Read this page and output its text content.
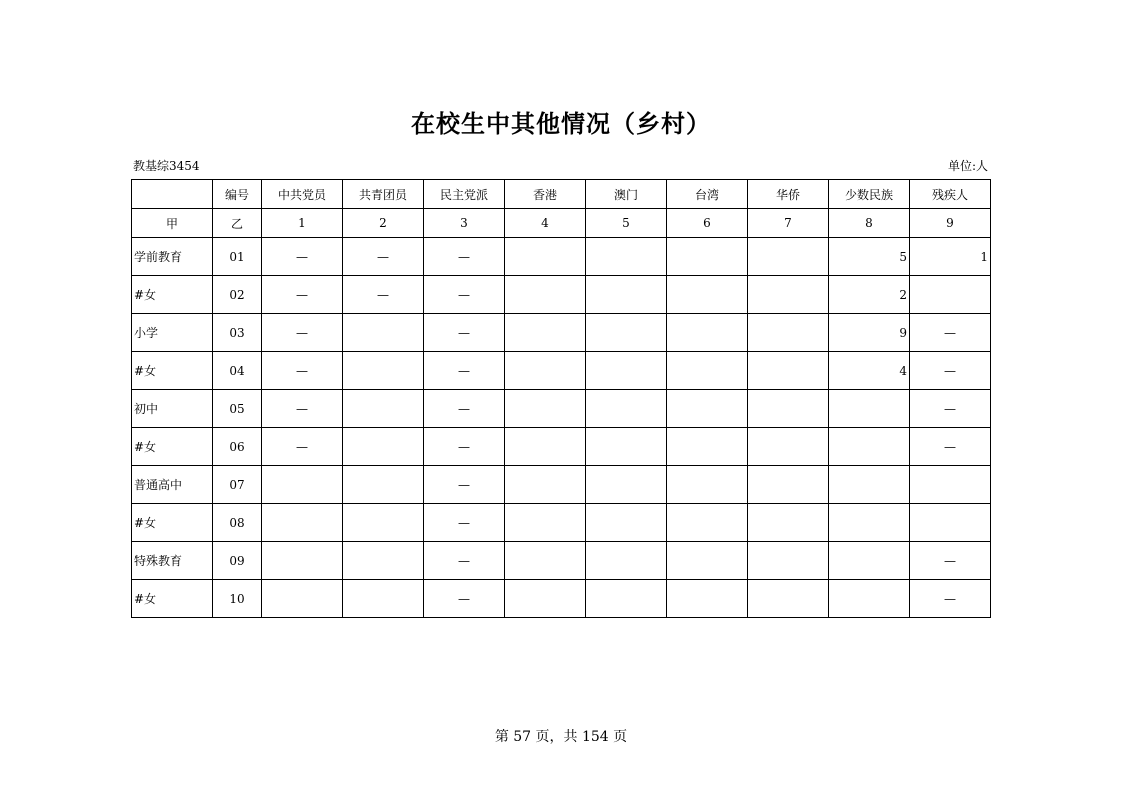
在校生中其他情况（乡村）
教基综3454	单位:人
	编号	中共党员	共青团员	民主党派	香港	澳门	台湾	华侨	少数民族	残疾人
甲	乙	1	2	3	4	5	6	7	8	9
学前教育	01	—	—	—					5	1
#女	02	—	—	—					2	
小学	03	—		—					9	—
#女	04	—		—					4	—
初中	05	—		—						—
#女	06	—		—						—
普通高中	07			—						
#女	08			—						
特殊教育	09			—						—
#女	10			—						—
第 57 页，共 154 页
